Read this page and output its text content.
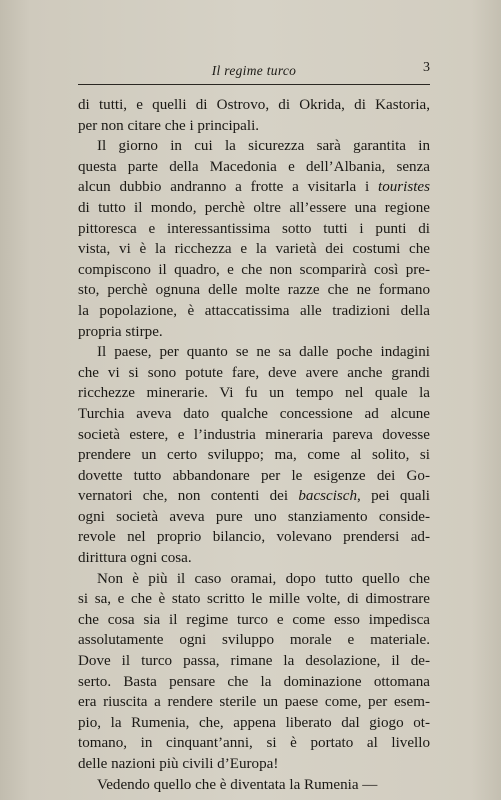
Il regime turco	3
di tutti, e quelli di Ostrovo, di Okrida, di Kastoria,
per non citare che i principali.
Il giorno in cui la sicurezza sarà garantita in
questa parte della Macedonia e dell’Albania, senza
alcun dubbio andranno a frotte a visitarla i touristes
di tutto il mondo, perchè oltre all’essere una regione
pittoresca e interessantissima sotto tutti i punti di
vista, vi è la ricchezza e la varietà dei costumi che
compiscono il quadro, e che non scomparirà così pre-
sto, perchè ognuna delle molte razze che ne formano
la popolazione, è attaccatissima alle tradizioni della
propria stirpe.
Il paese, per quanto se ne sa dalle poche indagini
che vi si sono potute fare, deve avere anche grandi
ricchezze minerarie. Vi fu un tempo nel quale la
Turchia aveva dato qualche concessione ad alcune
società estere, e l’industria mineraria pareva dovesse
prendere un certo sviluppo; ma, come al solito, si
dovette tutto abbandonare per le esigenze dei Go-
vernatori che, non contenti dei bacscisch, pei quali
ogni società aveva pure uno stanziamento conside-
revole nel proprio bilancio, volevano prendersi ad-
dirittura ogni cosa.
Non è più il caso oramai, dopo tutto quello che
si sa, e che è stato scritto le mille volte, di dimostrare
che cosa sia il regime turco e come esso impedisca
assolutamente ogni sviluppo morale e materiale.
Dove il turco passa, rimane la desolazione, il de-
serto. Basta pensare che la dominazione ottomana
era riuscita a rendere sterile un paese come, per esem-
pio, la Rumenia, che, appena liberato dal giogo ot-
tomano, in cinquant’anni, si è portato al livello
delle nazioni più civili d’Europa!
Vedendo quello che è diventata la Rumenia —
